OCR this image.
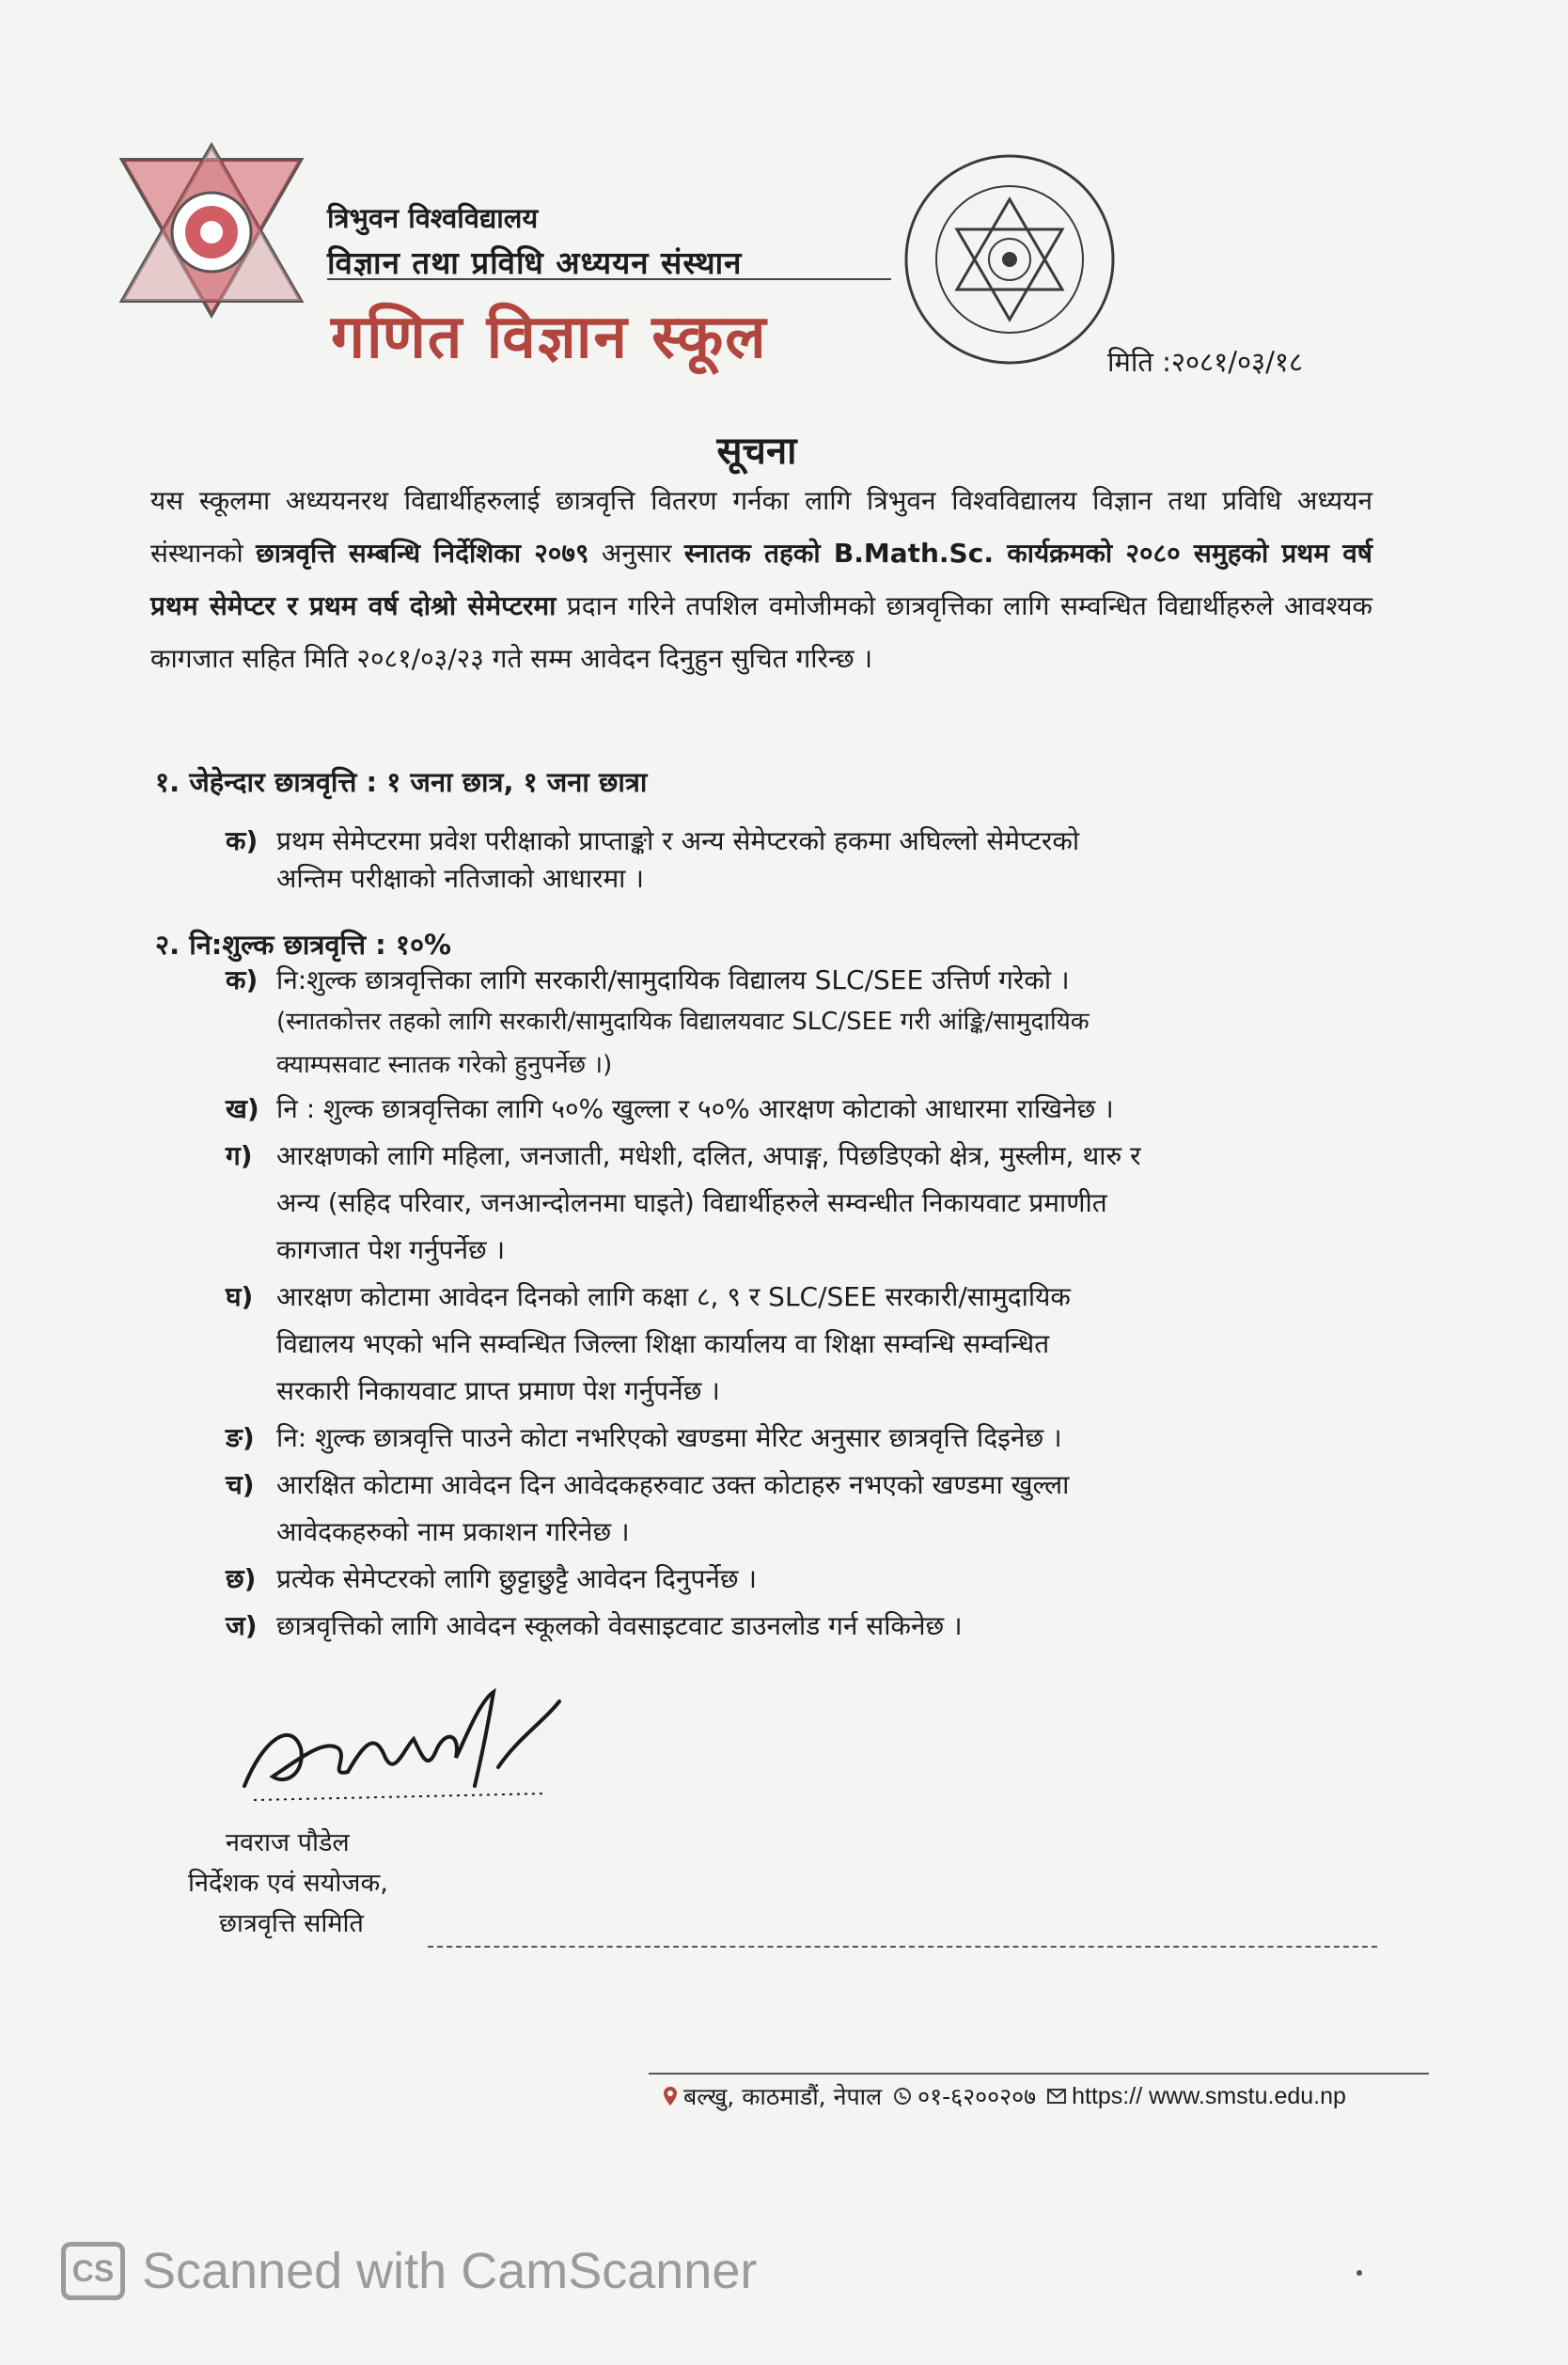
त्रिभुवन विश्वविद्यालय
विज्ञान तथा प्रविधि अध्ययन संस्थान
गणित विज्ञान स्कूल	मिति :२०८१/०३/१८
सूचना
यस स्कूलमा अध्ययनरथ विद्यार्थीहरुलाई छात्रवृत्ति वितरण गर्नका लागि त्रिभुवन विश्वविद्यालय विज्ञान तथा प्रविधि अध्ययन संस्थानको छात्रवृत्ति सम्बन्धि निर्देशिका २०७९ अनुसार स्नातक तहको B.Math.Sc. कार्यक्रमको २०८० समुहको प्रथम वर्ष प्रथम सेमेप्टर र प्रथम वर्ष दोश्रो सेमेप्टरमा प्रदान गरिने तपशिल वमोजीमको छात्रवृत्तिका लागि सम्वन्धित विद्यार्थीहरुले आवश्यक कागजात सहित मिति २०८१/०३/२३ गते सम्म आवेदन दिनुहुन सुचित गरिन्छ ।
१. जेहेन्दार छात्रवृत्ति : १ जना छात्र, १ जना छात्रा
क) प्रथम सेमेप्टरमा प्रवेश परीक्षाको प्राप्ताङ्को र अन्य सेमेप्टरको हकमा अघिल्लो सेमेप्टरको
अन्तिम परीक्षाको नतिजाको आधारमा ।
२. नि:शुल्क छात्रवृत्ति : १०%
क) नि:शुल्क छात्रवृत्तिका लागि सरकारी/सामुदायिक विद्यालय SLC/SEE उत्तिर्ण गरेको ।
(स्नातकोत्तर तहको लागि सरकारी/सामुदायिक विद्यालयवाट SLC/SEE गरी आंङ्कि/सामुदायिक
क्याम्पसवाट स्नातक गरेको हुनुपर्नेछ ।)
ख) नि : शुल्क छात्रवृत्तिका लागि ५०% खुल्ला र ५०% आरक्षण कोटाको आधारमा राखिनेछ ।
ग) आरक्षणको लागि महिला, जनजाती, मधेशी, दलित, अपाङ्ग, पिछडिएको क्षेत्र, मुस्लीम, थारु र
अन्य (सहिद परिवार, जनआन्दोलनमा घाइते) विद्यार्थीहरुले सम्वन्धीत निकायवाट प्रमाणीत
कागजात पेश गर्नुपर्नेछ ।
घ) आरक्षण कोटामा आवेदन दिनको लागि कक्षा ८, ९ र SLC/SEE सरकारी/सामुदायिक
विद्यालय भएको भनि सम्वन्धित जिल्ला शिक्षा कार्यालय वा शिक्षा सम्वन्धि सम्वन्धित
सरकारी निकायवाट प्राप्त प्रमाण पेश गर्नुपर्नेछ ।
ङ) नि: शुल्क छात्रवृत्ति पाउने कोटा नभरिएको खण्डमा मेरिट अनुसार छात्रवृत्ति दिइनेछ ।
च) आरक्षित कोटामा आवेदन दिन आवेदकहरुवाट उक्त कोटाहरु नभएको खण्डमा खुल्ला
आवेदकहरुको नाम प्रकाशन गरिनेछ ।
छ) प्रत्येक सेमेप्टरको लागि छुट्टाछुट्टै आवेदन दिनुपर्नेछ ।
ज) छात्रवृत्तिको लागि आवेदन स्कूलको वेवसाइटवाट डाउनलोड गर्न सकिनेछ ।
नवराज पौडेल
निर्देशक एवं सयोजक,
छात्रवृत्ति समिति
बल्खु, काठमाडौं, नेपाल ०१-६२००२०७ https:// www.smstu.edu.np
CS Scanned with CamScanner
